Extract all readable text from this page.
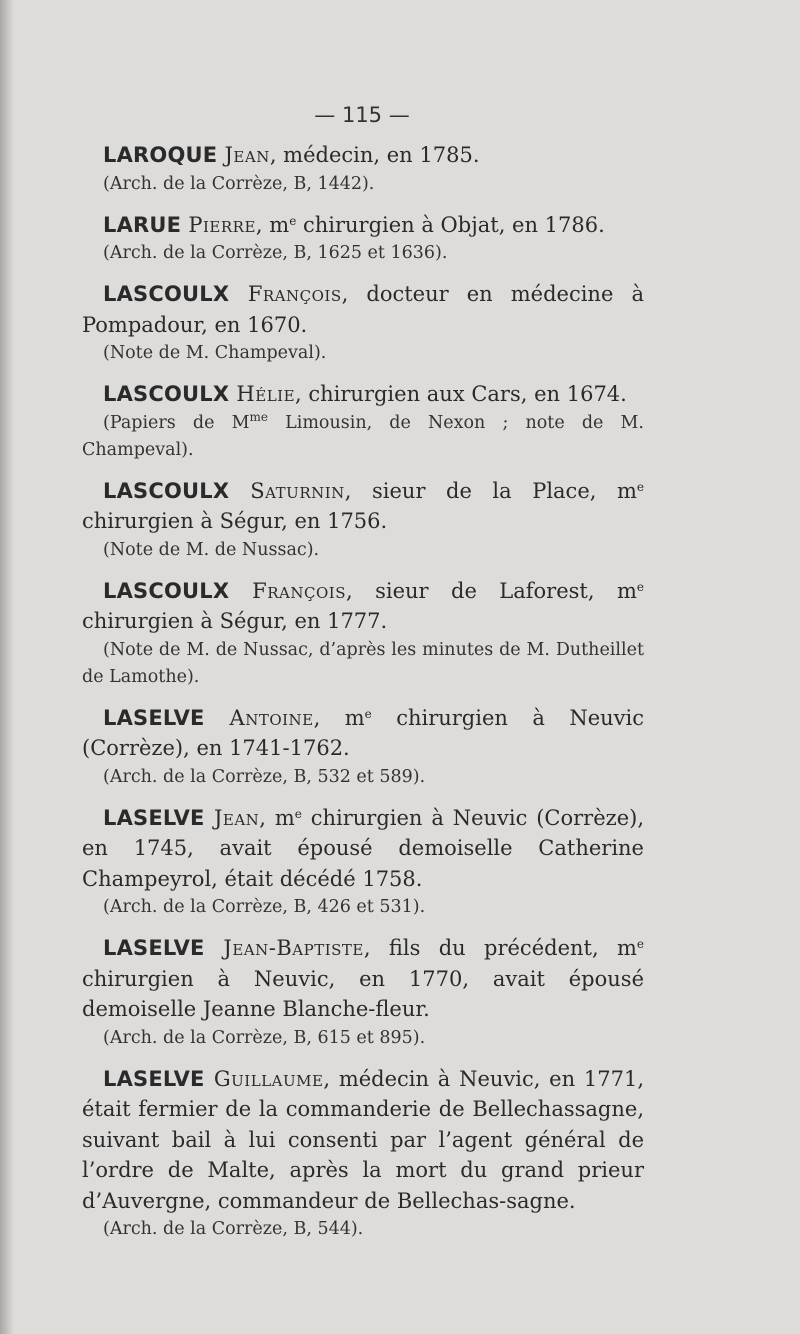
— 115 —

LAROQUE Jean, médecin, en 1785.

(Arch. de la Corrèze, B, 1442).

LARUE Pierre, $m^e$ chirurgien à Objat, en 1786.

(Arch. de la Corrèze, B, 1625 et 1636).

LASCOULX François, docteur en médecine à Pompadour, en 1670.

(Note de M. Champeval).

LASCOULX Hélie, chirurgien aux Cars, en 1674.

(Papiers de $M^{me}$ Limousin, de Nexon ; note de M. Champeval).

LASCOULX Saturnin, sieur de la Place, $m^e$ chirurgien à Ségur, en 1756.

(Note de M. de Nussac).

LASCOULX François, sieur de Laforest, $m^e$ chirurgien à Ségur, en 1777.

(Note de M. de Nussac, d’après les minutes de M. Dutheillet de Lamothe).

LASELVE Antoine, $m^e$ chirurgien à Neuvic (Corrèze), en 1741-1762.

(Arch. de la Corrèze, B, 532 et 589).

LASELVE Jean, $m^e$ chirurgien à Neuvic (Corrèze), en 1745, avait épousé demoiselle Catherine Champeyrol, était décédé 1758.

(Arch. de la Corrèze, B, 426 et 531).

LASELVE Jean-Baptiste, fils du précédent, $m^e$ chirurgien à Neuvic, en 1770, avait épousé demoiselle Jeanne Blanche-fleur.

(Arch. de la Corrèze, B, 615 et 895).

LASELVE Guillaume, médecin à Neuvic, en 1771, était fermier de la commanderie de Bellechassagne, suivant bail à lui consenti par l’agent général de l’ordre de Malte, après la mort du grand prieur d’Auvergne, commandeur de Bellechas-sagne.

(Arch. de la Corrèze, B, 544).
